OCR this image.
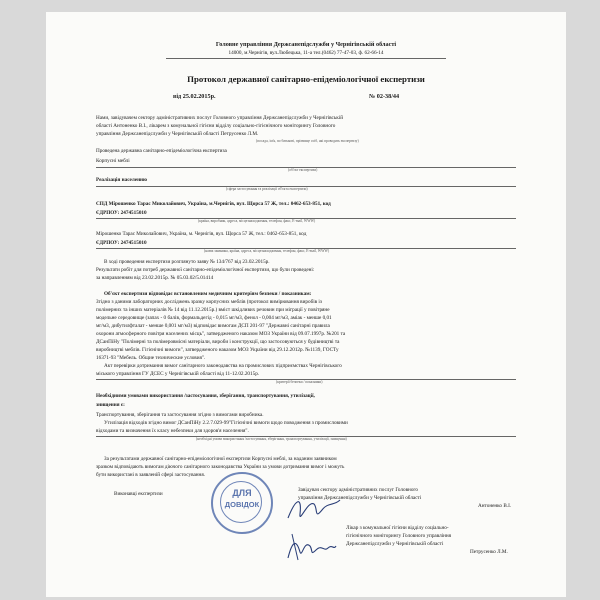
Головне управління Держсанепідслужби у Чернігівській області
14000, м.Чернігів, вул.Любецька, 11-а тел.(0462) 77-47-03, ф. 62-66-14
Протокол державної санітарно-епідеміологічної експертизи
від 25.02.2015р.	№ 02-38/44
Нами, завідувачем сектору адміністративних послуг Головного управління Держсанепідслужби у Чернігівській
області Антоненко В.І., лікарем з комунальної гігієни відділу соціально-гігієнічного моніторингу Головного
управління Держсанепідслужби у Чернігівській області Петрусенко Л.М.
(посада, ім'я, по батькові, прізвище осіб, які проводять експертизу)
Проведена державна санітарно-епідеміологічна експертиза
Корпусні меблі
(об'єкт експертизи)
Реалізація населенню
(сфера застосування та реалізації об'єкта експертизи)
СПД Мірошенко Тарас Миколайович, Україна, м.Чернігів, вул. Щорса 57 Ж, тел.: 0462-653-851, код
ЄДРПОУ: 2474515010
(країна, виробник, адреса, місцезнаходження, телефон, факс, Е-mail, WWW)
Мірошенко Тарас Миколайович, Україна, м. Чернігів, вул. Щорса 57 Ж, тел.: 0462-653-851, код
ЄДРПОУ: 2474515010
(назва заявника, країна, адреса, місцезнаходження, телефон, факс, Е-mail, WWW)
В ході проведення експертизи розглянуто заяву № 134/767 від 23.02.2015р.
Результати робіт для потреб державної санітарно-епідеміологічної експертизи, що були проведені:
за направленням від 23.02.2015р. № 05.03.02/5.01414
Об'єкт експертизи відповідає встановленим медичним критеріям безпеки / показникам:
Згідно з даними лабораторних досліджень зразку корпусних меблів (протокол вимірювання виробів із
полімерних та інших матеріалів № 14 від 11.12.2015р.) вміст шкідливих речовин при міграції у повітряне
модельне середовище (запах - 0 балів, формальдегід - 0,015 мг/м3, фенол - 0,004 мг/м3, аміак - менше 0,01
мг/м3, дибутилфталат - менше 0,001 мг/м3) відповідає вимогам ДСП 201-97 "Державні санітарні правила
охорони атмосферного повітря населених місць", затвердженого наказом МОЗ України від 09.07.1997р. №201 та
ДСанПіНу "Полімерні та полімеровмісні матеріали, вироби і конструкції, що застосовуються у будівництві та
виробництві меблів. Гігієнічні вимоги", затвердженого наказом МОЗ України від 29.12.2012р. №1139, ГОСТу
16371-93 "Мебель. Общие технические условия".
Акт перевірки дотримання вимог санітарного законодавства на промислових підприємствах Чернігівського
міського управління ГУ ДСЕС у Чернігівській області від 11-12.02.2015р.
(критерії безпеки / показники)
Необхідними умовами використання /застосування, зберігання, транспортування, утилізації,
знищення є:
Транспортування, зберігання та застосування згідно з вимогами виробника.
Утилізація відходів згідно вимог ДСанПіНу 2.2.7.029-99"Гігієнічні вимоги щодо поводження з промисловими
відходами та визначення їх класу небезпеки для здоров'я населення".
(необхідні умови використання /застосування, зберігання, транспортування, утилізації, знищення)
За результатами державної санітарно-епідеміологічної експертизи Корпусні меблі, за наданим заявником
зразком відповідають вимогам діючого санітарного законодавства України за умови дотримання вимог і можуть
бути використані в заявленій сфері застосування.
Виконавці експертизи	ДЛЯ
ДОВІДОК
Завідувач сектору адміністративних послуг Головного
управління Держсанепідслужби у Чернігівській області
Антоненко В.І.
Лікар з комунальної гігієни відділу соціально-
гігієнічного моніторингу Головного управління
Держсанепідслужби у Чернігівській області
Петрусенко Л.М.
